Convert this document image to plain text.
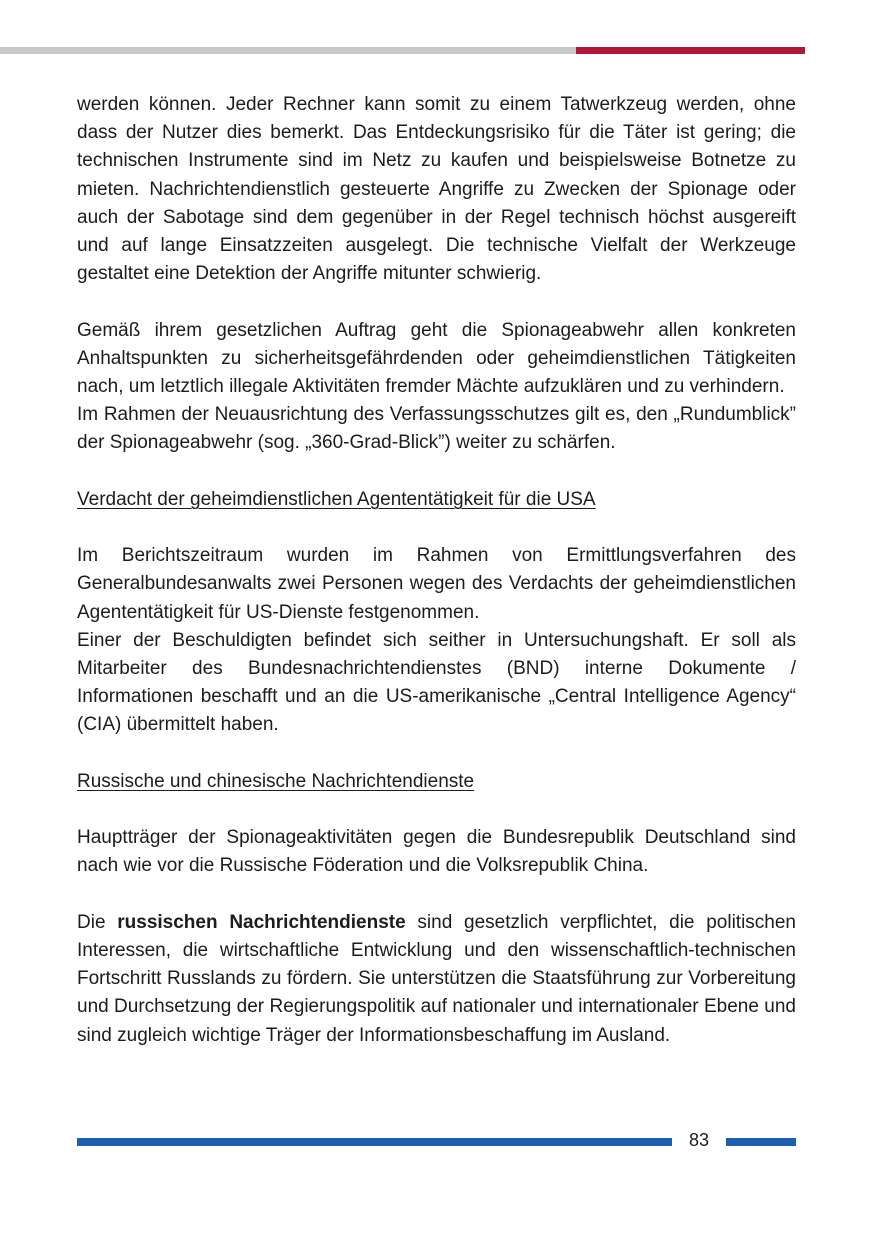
werden können. Jeder Rechner kann somit zu einem Tatwerkzeug werden, ohne dass der Nutzer dies bemerkt. Das Entdeckungsrisiko für die Täter ist gering; die technischen Instrumente sind im Netz zu kaufen und beispielsweise Botnetze zu mieten. Nachrichtendienstlich gesteuerte Angriffe zu Zwecken der Spionage oder auch der Sabotage sind dem gegenüber in der Regel technisch höchst ausgereift und auf lange Einsatzzeiten ausgelegt. Die technische Vielfalt der Werkzeuge gestaltet eine Detektion der Angriffe mitunter schwierig.

Gemäß ihrem gesetzlichen Auftrag geht die Spionageabwehr allen konkreten Anhaltspunkten zu sicherheitsgefährdenden oder geheimdienstlichen Tätigkeiten nach, um letztlich illegale Aktivitäten fremder Mächte aufzuklären und zu verhindern.

Im Rahmen der Neuausrichtung des Verfassungsschutzes gilt es, den „Rundumblick” der Spionageabwehr (sog. „360-Grad-Blick”) weiter zu schärfen.

Verdacht der geheimdienstlichen Agententätigkeit für die USA

Im Berichtszeitraum wurden im Rahmen von Ermittlungsverfahren des Generalbundesanwalts zwei Personen wegen des Verdachts der geheimdienstlichen Agententätigkeit für US-Dienste festgenommen.

Einer der Beschuldigten befindet sich seither in Untersuchungshaft. Er soll als Mitarbeiter des Bundesnachrichtendienstes (BND) interne Dokumente / Informationen beschafft und an die US-amerikanische „Central Intelligence Agency“ (CIA) übermittelt haben.

Russische und chinesische Nachrichtendienste

Hauptträger der Spionageaktivitäten gegen die Bundesrepublik Deutschland sind nach wie vor die Russische Föderation und die Volksrepublik China.

Die russischen Nachrichtendienste sind gesetzlich verpflichtet, die politischen Interessen, die wirtschaftliche Entwicklung und den wissenschaftlich-technischen Fortschritt Russlands zu fördern. Sie unterstützen die Staatsführung zur Vorbereitung und Durchsetzung der Regierungspolitik auf nationaler und internationaler Ebene und sind zugleich wichtige Träger der Informationsbeschaffung im Ausland.

83
